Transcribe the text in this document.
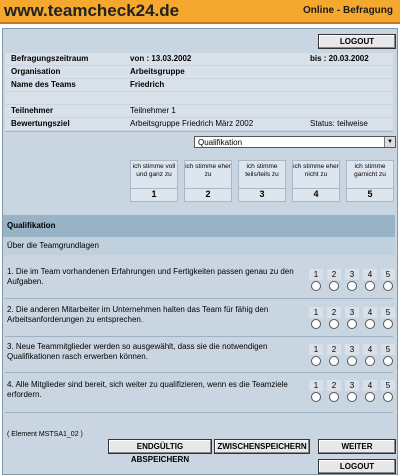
www.teamcheck24.de	Online - Befragung
LOGOUT
Befragungszeitraum	von : 13.03.2002	bis : 20.03.2002
Organisation	Arbeitsgruppe
Name des Teams	Friedrich
Teilnehmer	Teilnehmer 1
Bewertungsziel	Arbeitsgruppe Friedrich März 2002	Status: teilweise
Qualifikation	▼
ich stimme voll und ganz zu
1
ich stimme eher zu
2
ich stimme teils/teils zu
3
ich stimme eher nicht zu
4
ich stimme garnicht zu
5
Qualifikation
Über die Teamgrundlagen
1. Die im Team vorhandenen Erfahrungen und Fertigkeiten passen genau zu den Aufgaben.
1	2	3	4	5
2. Die anderen Mitarbeiter im Unternehmen halten das Team für fähig den Arbeitsanforderungen zu entsprechen.
1	2	3	4	5
3. Neue Teammitglieder werden so ausgewählt, dass sie die notwendigen Qualifikationen rasch erwerben können.
1	2	3	4	5
4. Alle Mitglieder sind bereit, sich weiter zu qualifizieren, wenn es die Teamziele erfordern.
1	2	3	4	5
( Element MSTSA1_02 )
ENDGÜLTIG ABSPEICHERN
ZWISCHENSPEICHERN	WEITER
LOGOUT
